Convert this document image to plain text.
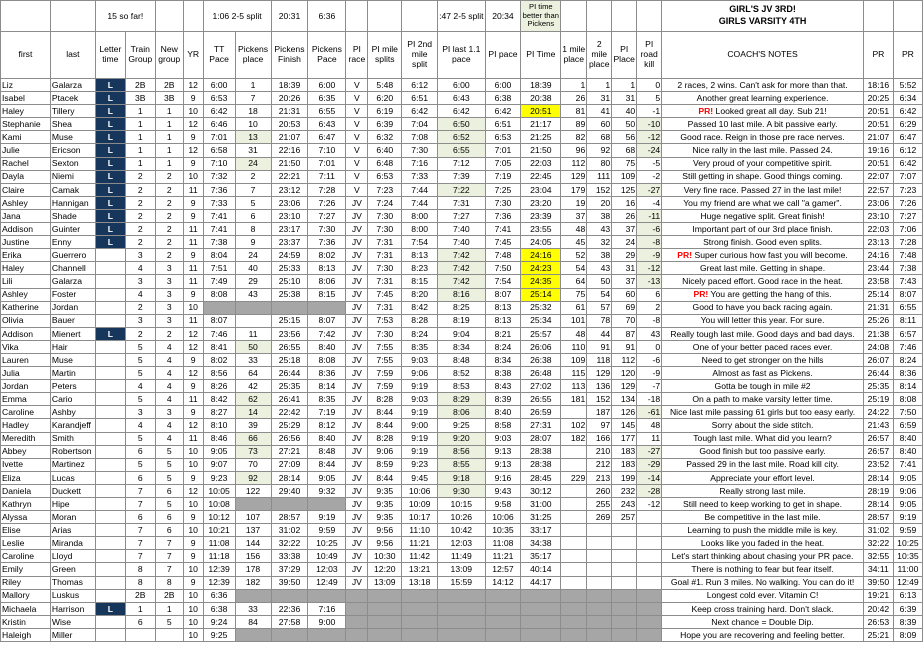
		15 so far!				1:06 2-5 split		20:31	6:36				:47 2-5 split	20:34	PI time better than Pickens					GIRL'S JV 3RD!
GIRLS VARSITY 4TH		

first	last	Letter time	Train Group	New group	YR	TT Pace	Pickens place	Pickens Finish	Pickens Pace	PI race	PI mile splits	PI 2nd mile split	PI last 1.1 pace	PI pace	PI Time	1 mile place	2 mile place	PI Place	PI road kill	COACH'S NOTES	PR	PR
Liz	Galarza	L	2B	2B	12	6:00	1	18:39	6:00	V	5:48	6:12	6:00	6:00	18:39	1	1	1	0	2 races, 2 wins. Can't ask for more than that.	18:16	5:52
Isabel	Ptacek	L	3B	3B	9	6:53	7	20:26	6:35	V	6:20	6:51	6:43	6:38	20:38	26	31	31	5	Another great learning experience.	20:25	6:34
Haley	Tillery	L	1	1	10	6:42	18	21:31	6:55	V	6:19	6:42	6:42	6:42	20:51	81	41	40	-1	PR! Looked great all day. Sub 21!	20:51	6:42
Stephanie	Shea	L	1	1	12	6:46	10	20:53	6:43	V	6:39	7:04	6:50	6:51	21:17	89	60	50	-10	Passed 10 last mile. A bit passive early.	20:51	6:29
Kami	Muse	L	1	1	9	7:01	13	21:07	6:47	V	6:32	7:08	6:52	6:53	21:25	82	68	56	-12	Good race. Reign in those pre race nerves.	21:07	6:47
Julie	Ericson	L	1	1	12	6:58	31	22:16	7:10	V	6:40	7:30	6:55	7:01	21:50	96	92	68	-24	Nice rally in the last mile. Passed 24.	19:16	6:12
Rachel	Sexton	L	1	1	9	7:10	24	21:50	7:01	V	6:48	7:16	7:12	7:05	22:03	112	80	75	-5	Very proud of your competitive spirit.	20:51	6:42
Dayla	Niemi	L	2	2	10	7:32	2	22:21	7:11	V	6:53	7:33	7:39	7:19	22:45	129	111	109	-2	Still getting in shape. Good things coming.	22:07	7:07
Claire	Camak	L	2	2	11	7:36	7	23:12	7:28	V	7:23	7:44	7:22	7:25	23:04	179	152	125	-27	Very fine race. Passed 27 in the last mile!	22:57	7:23
Ashley	Hannigan	L	2	2	9	7:33	5	23:06	7:26	JV	7:24	7:44	7:31	7:30	23:20	19	20	16	-4	You my friend are what we call "a gamer".	23:06	7:26
Jana	Shade	L	2	2	9	7:41	6	23:10	7:27	JV	7:30	8:00	7:27	7:36	23:39	37	38	26	-11	Huge negative split. Great finish!	23:10	7:27
Addison	Guinter	L	2	2	11	7:41	8	23:17	7:30	JV	7:30	8:00	7:40	7:41	23:55	48	43	37	-6	Important part of our 3rd place finish.	22:03	7:06
Justine	Enny	L	2	2	11	7:38	9	23:37	7:36	JV	7:31	7:54	7:40	7:45	24:05	45	32	24	-8	Strong finish. Good even splits.	23:13	7:28
Erika	Guerrero		3	2	9	8:04	24	24:59	8:02	JV	7:31	8:13	7:42	7:48	24:16	52	38	29	-9	PR! Super curious how fast you will become.	24:16	7:48
Haley	Channell		4	3	11	7:51	40	25:33	8:13	JV	7:30	8:23	7:42	7:50	24:23	54	43	31	-12	Great last mile. Getting in shape.	23:44	7:38
Lili	Galarza		3	3	11	7:49	29	25:10	8:06	JV	7:31	8:15	7:42	7:54	24:35	64	50	37	-13	Nicely paced effort. Good race in the heat.	23:58	7:43
Ashley	Foster		4	3	9	8:08	43	25:38	8:15	JV	7:45	8:20	8:16	8:07	25:14	75	54	60	6	PR! You are getting the hang of this.	25:14	8:07
Katherine	Jordan		2	3	10					JV	7:31	8:42	8:25	8:13	25:32	61	57	69	2	Good to have you back racing again.	21:31	6:55
Olivia	Bauer		3	3	11	8:07		25:15	8:07	JV	7:53	8:28	8:19	8:13	25:34	101	78	70	-8	You will letter this year. For sure.	25:26	8:11
Addison	Mienert	L	2	2	12	7:46	11	23:56	7:42	JV	7:30	8:24	9:04	8:21	25:57	48	44	87	43	Really tough last mile. Good days and bad days.	21:38	6:57
Vika	Hair		5	4	12	8:41	50	26:55	8:40	JV	7:55	8:35	8:34	8:24	26:06	110	91	91	0	One of your better paced races ever.	24:08	7:46
Lauren	Muse		5	4	9	8:02	33	25:18	8:08	JV	7:55	9:03	8:48	8:34	26:38	109	118	112	-6	Need to get stronger on the hills	26:07	8:24
Julia	Martin		5	4	12	8:56	64	26:44	8:36	JV	7:59	9:06	8:52	8:38	26:48	115	129	120	-9	Almost as fast as Pickens.	26:44	8:36
Jordan	Peters		4	4	9	8:26	42	25:35	8:14	JV	7:59	9:19	8:53	8:43	27:02	113	136	129	-7	Gotta be tough in mile #2	25:35	8:14
Emma	Cario		5	4	11	8:42	62	26:41	8:35	JV	8:28	9:03	8:29	8:39	26:55	181	152	134	-18	On a path to make varsity letter time.	25:19	8:08
Caroline	Ashby		3	3	9	8:27	14	22:42	7:19	JV	8:44	9:19	8:06	8:40	26:59		187	126	-61	Nice last mile passing 61 girls but too easy early.	24:22	7:50
Hadley	Karandjeff		4	4	12	8:10	39	25:29	8:12	JV	8:44	9:00	9:25	8:58	27:31	102	97	145	48	Sorry about the side stitch.	21:43	6:59
Meredith	Smith		5	4	11	8:46	66	26:56	8:40	JV	8:28	9:19	9:20	9:03	28:07	182	166	177	11	Tough last mile. What did you learn?	26:57	8:40
Abbey	Robertson		6	5	10	9:05	73	27:21	8:48	JV	9:06	9:19	8:56	9:13	28:38		210	183	-27	Good finish but too passive early.	26:57	8:40
Ivette	Martinez		5	5	10	9:07	70	27:09	8:44	JV	8:59	9:23	8:55	9:13	28:38		212	183	-29	Passed 29 in the last mile. Road kill city.	23:52	7:41
Eliza	Lucas		6	5	9	9:23	92	28:14	9:05	JV	8:44	9:45	9:18	9:16	28:45	229	213	199	-14	Appreciate your effort level.	28:14	9:05
Daniela	Duckett		7	6	12	10:05	122	29:40	9:32	JV	9:35	10:06	9:30	9:43	30:12		260	232	-28	Really strong last mile.	28:19	9:06
Kathryn	Hipe		7	5	10	10:08				JV	9:35	10:09	10:15	9:58	31:00		255	243	-12	Still need to keep working to get in shape.	28:14	9:05
Alyssa	Moran		6	6	9	10:12	107	28:57	9:19	JV	9:35	10:17	10:26	10:06	31:25		269	257		Be competitive in the last mile.	28:57	9:19
Elise	Arias		7	6	10	10:21	137	31:02	9:59	JV	9:56	11:10	10:42	10:35	33:17					Learning to push the middle mile is key.	31:02	9:59
Leslie	Miranda		7	7	9	11:08	144	32:22	10:25	JV	9:56	11:21	12:03	11:08	34:38					Looks like you faded in the heat.	32:22	10:25
Caroline	Lloyd		7	7	9	11:18	156	33:38	10:49	JV	10:30	11:42	11:49	11:21	35:17					Let's start thinking about chasing your PR pace.	32:55	10:35
Emily	Green		8	7	10	12:39	178	37:29	12:03	JV	12:20	13:21	13:09	12:57	40:14					There is nothing to fear but fear itself.	34:11	11:00
Riley	Thomas		8	8	9	12:39	182	39:50	12:49	JV	13:09	13:18	15:59	14:12	44:17					Goal #1. Run 3 miles. No walking. You can do it!	39:50	12:49
Mallory	Luskus		2B	2B	10	6:36														Longest cold ever. Vitamin C!	19:21	6:13
Michaela	Harrison	L	1	1	10	6:38	33	22:36	7:16											Keep cross training hard. Don't slack.	20:42	6:39
Kristin	Wise		6	5	10	9:24	84	27:58	9:00											Next chance = Double Dip.	26:53	8:39
Haleigh	Miller				10	9:25														Hope you are recovering and feeling better.	25:21	8:09
